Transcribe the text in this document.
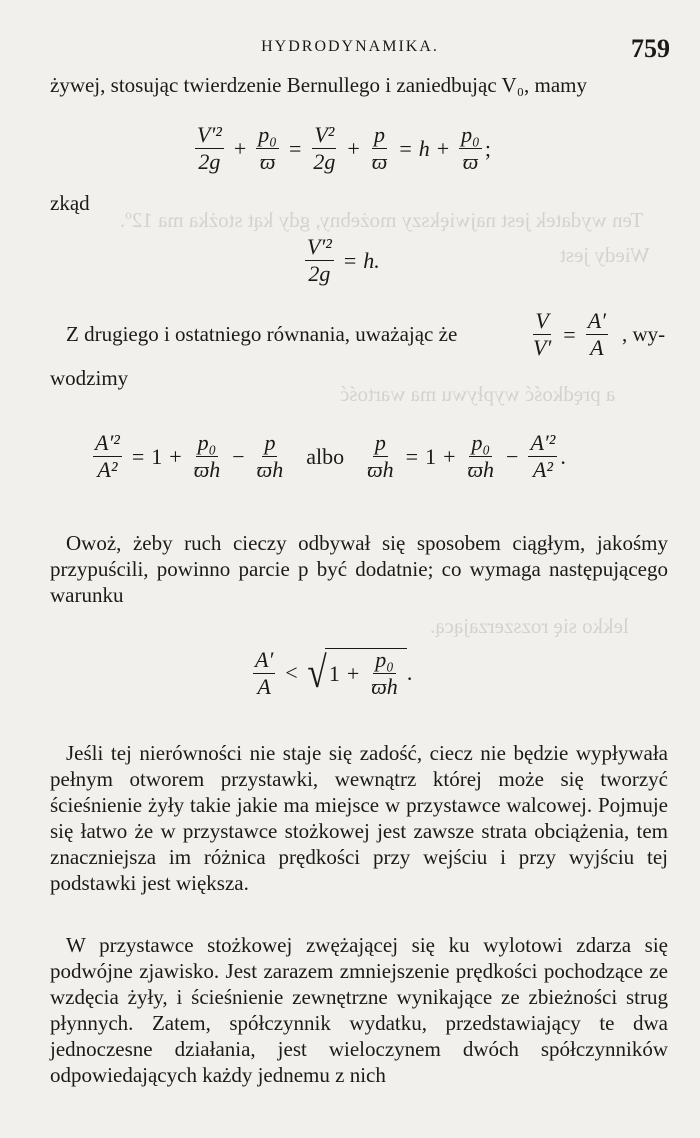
Ten wydatek jest największy możebny, gdy kąt stożka ma 12º.
Wiedy jest
a prędkość wypływu ma wartość
lekko się rozszerzającą.
HYDRODYNAMIKA.	759
żywej, stosując twierdzenie Bernullego i zaniedbując V₀, mamy
$\frac{\text{V′²}}{2g} + \frac{\text{p₀}}{ϖ} = \frac{\text{V²}}{2g} + \frac{p}{ϖ} = h + \frac{\text{p₀}}{ϖ}$ ;
zkąd
$\frac{\text{V′²}}{2g} = h$.
Z drugiego i ostatniego równania, uważając że	$\frac{V}{V'} = \frac{A'}{A}$ , wy-
wodzimy
$\frac{\text{A′²}}{\text{A²}} = 1 + \frac{\text{p₀}}{ϖh} - \frac{p}{ϖh}$ albo $\frac{p}{ϖh} = 1 + \frac{\text{p₀}}{ϖh} - \frac{\text{A′²}}{\text{A²}}$ .
Owoż, żeby ruch cieczy odbywał się sposobem ciągłym, jakośmy przypuścili, powinno parcie p być dodatnie; co wymaga następującego warunku
$\frac{A'}{A}$ < √ $1 + \frac{\text{p₀}}{ϖh}$ .
Jeśli tej nierówności nie staje się zadość, ciecz nie będzie wypływała pełnym otworem przystawki, wewnątrz której może się tworzyć ścieśnienie żyły takie jakie ma miejsce w przystawce walcowej. Pojmuje się łatwo że w przystawce stożkowej jest zawsze strata obciążenia, tem znaczniejsza im różnica prędkości przy wejściu i przy wyjściu tej podstawki jest większa.
W przystawce stożkowej zwężającej się ku wylotowi zdarza się podwójne zjawisko. Jest zarazem zmniejszenie prędkości pochodzące ze wzdęcia żyły, i ścieśnienie zewnętrzne wynikające ze zbieżności strug płynnych. Zatem, spółczynnik wydatku, przedstawiający te dwa jednoczesne działania, jest wieloczynem dwóch spółczynników odpowiedających każdy jednemu z nich
